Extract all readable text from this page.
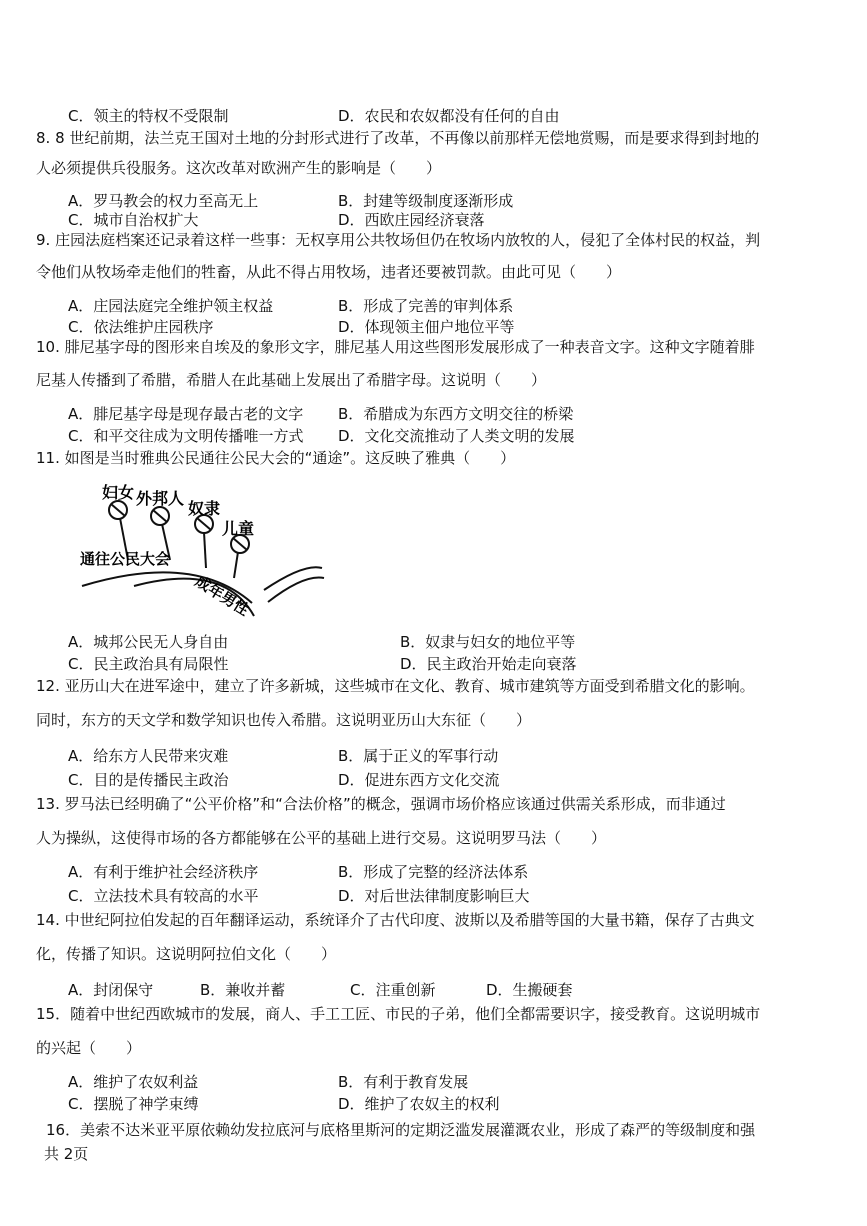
C．领主的特权不受限制	D．农民和农奴都没有任何的自由
8. 8 世纪前期，法兰克王国对土地的分封形式进行了改革，不再像以前那样无偿地赏赐，而是要求得到封地的
人必须提供兵役服务。这次改革对欧洲产生的影响是（　　）
A．罗马教会的权力至高无上	B．封建等级制度逐渐形成
C．城市自治权扩大	D．西欧庄园经济衰落
9. 庄园法庭档案还记录着这样一些事：无权享用公共牧场但仍在牧场内放牧的人，侵犯了全体村民的权益，判
令他们从牧场牵走他们的牲畜，从此不得占用牧场，违者还要被罚款。由此可见（　　）
A．庄园法庭完全维护领主权益	B．形成了完善的审判体系
C．依法维护庄园秩序	D．体现领主佃户地位平等
10. 腓尼基字母的图形来自埃及的象形文字，腓尼基人用这些图形发展形成了一种表音文字。这种文字随着腓
尼基人传播到了希腊，希腊人在此基础上发展出了希腊字母。这说明（　　）
A．腓尼基字母是现存最古老的文字 B．希腊成为东西方文明交往的桥梁
C．和平交往成为文明传播唯一方式 D．文化交流推动了人类文明的发展
11. 如图是当时雅典公民通往公民大会的“通途”。这反映了雅典（　　）
妇女 外邦人
奴隶
儿童
通往公民大会
成年男性
A．城邦公民无人身自由	B．奴隶与妇女的地位平等
C．民主政治具有局限性	D．民主政治开始走向衰落
12. 亚历山大在进军途中，建立了许多新城，这些城市在文化、教育、城市建筑等方面受到希腊文化的影响。
同时，东方的天文学和数学知识也传入希腊。这说明亚历山大东征（　　）
A．给东方人民带来灾难	B．属于正义的军事行动
C．目的是传播民主政治	D．促进东西方文化交流
13. 罗马法已经明确了“公平价格”和“合法价格”的概念，强调市场价格应该通过供需关系形成，而非通过
人为操纵，这使得市场的各方都能够在公平的基础上进行交易。这说明罗马法（　　）
A．有利于维护社会经济秩序	B．形成了完整的经济法体系
C．立法技术具有较高的水平	D．对后世法律制度影响巨大
14. 中世纪阿拉伯发起的百年翻译运动，系统译介了古代印度、波斯以及希腊等国的大量书籍，保存了古典文
化，传播了知识。这说明阿拉伯文化（　　）
A．封闭保守	B．兼收并蓄	C．注重创新	D．生搬硬套
15．随着中世纪西欧城市的发展，商人、手工工匠、市民的子弟，他们全都需要识字，接受教育。这说明城市
的兴起（　　）
A．维护了农奴利益	B．有利于教育发展
C．摆脱了神学束缚	D．维护了农奴主的权利
16．美索不达米亚平原依赖幼发拉底河与底格里斯河的定期泛滥发展灌溉农业，形成了森严的等级制度和强
共 2页
